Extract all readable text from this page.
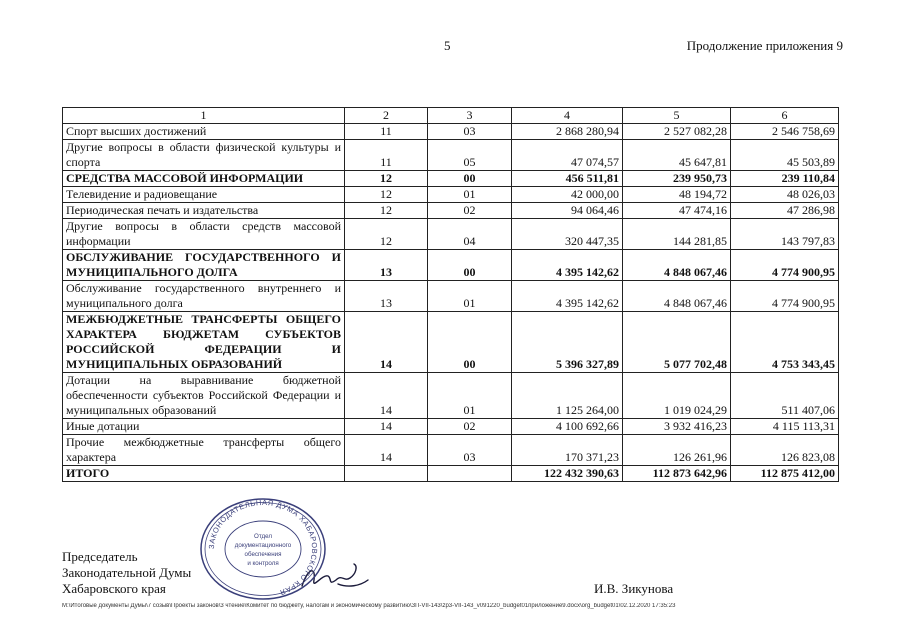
5	Продолжение приложения 9
1	2	3	4	5	6
Спорт высших достижений	11	03	2 868 280,94	2 527 082,28	2 546 758,69
Другие вопросы в области физической культуры и спорта	11	05	47 074,57	45 647,81	45 503,89
СРЕДСТВА МАССОВОЙ ИНФОРМАЦИИ	12	00	456 511,81	239 950,73	239 110,84
Телевидение и радиовещание	12	01	42 000,00	48 194,72	48 026,03
Периодическая печать и издательства	12	02	94 064,46	47 474,16	47 286,98
Другие вопросы в области средств массовой информации	12	04	320 447,35	144 281,85	143 797,83
ОБСЛУЖИВАНИЕ ГОСУДАРСТВЕННОГО И МУНИЦИПАЛЬНОГО ДОЛГА	13	00	4 395 142,62	4 848 067,46	4 774 900,95
Обслуживание государственного внутреннего и муниципального долга	13	01	4 395 142,62	4 848 067,46	4 774 900,95
МЕЖБЮДЖЕТНЫЕ ТРАНСФЕРТЫ ОБЩЕГО ХАРАКТЕРА БЮДЖЕТАМ СУБЪЕКТОВ РОССИЙСКОЙ ФЕДЕРАЦИИ И МУНИЦИПАЛЬНЫХ ОБРАЗОВАНИЙ	14	00	5 396 327,89	5 077 702,48	4 753 343,45
Дотации на выравнивание бюджетной обеспеченности субъектов Российской Федерации и муниципальных образований	14	01	1 125 264,00	1 019 024,29	511 407,06
Иные дотации	14	02	4 100 692,66	3 932 416,23	4 115 113,31
Прочие межбюджетные трансферты общего характера	14	03	170 371,23	126 261,96	126 823,08
ИТОГО			122 432 390,63	112 873 642,96	112 875 412,00
Председатель
Законодательной Думы
Хабаровского края
ЗАКОНОДАТЕЛЬНАЯ ДУМА ХАБАРОВСКОГО КРАЯ
Отдел
документационного
обеспечения
и контроля
И.В. Зикунова
M:\Итоговые документы Думы\7 созыв\Проекты законов\3 чтение\Комитет по бюджету, налогам и экономическому развитию\ЗП-VII-143\zp3-VII-143_v091220_budget01приложение9.docx\org_budget01\02.12.2020 17:35:23
